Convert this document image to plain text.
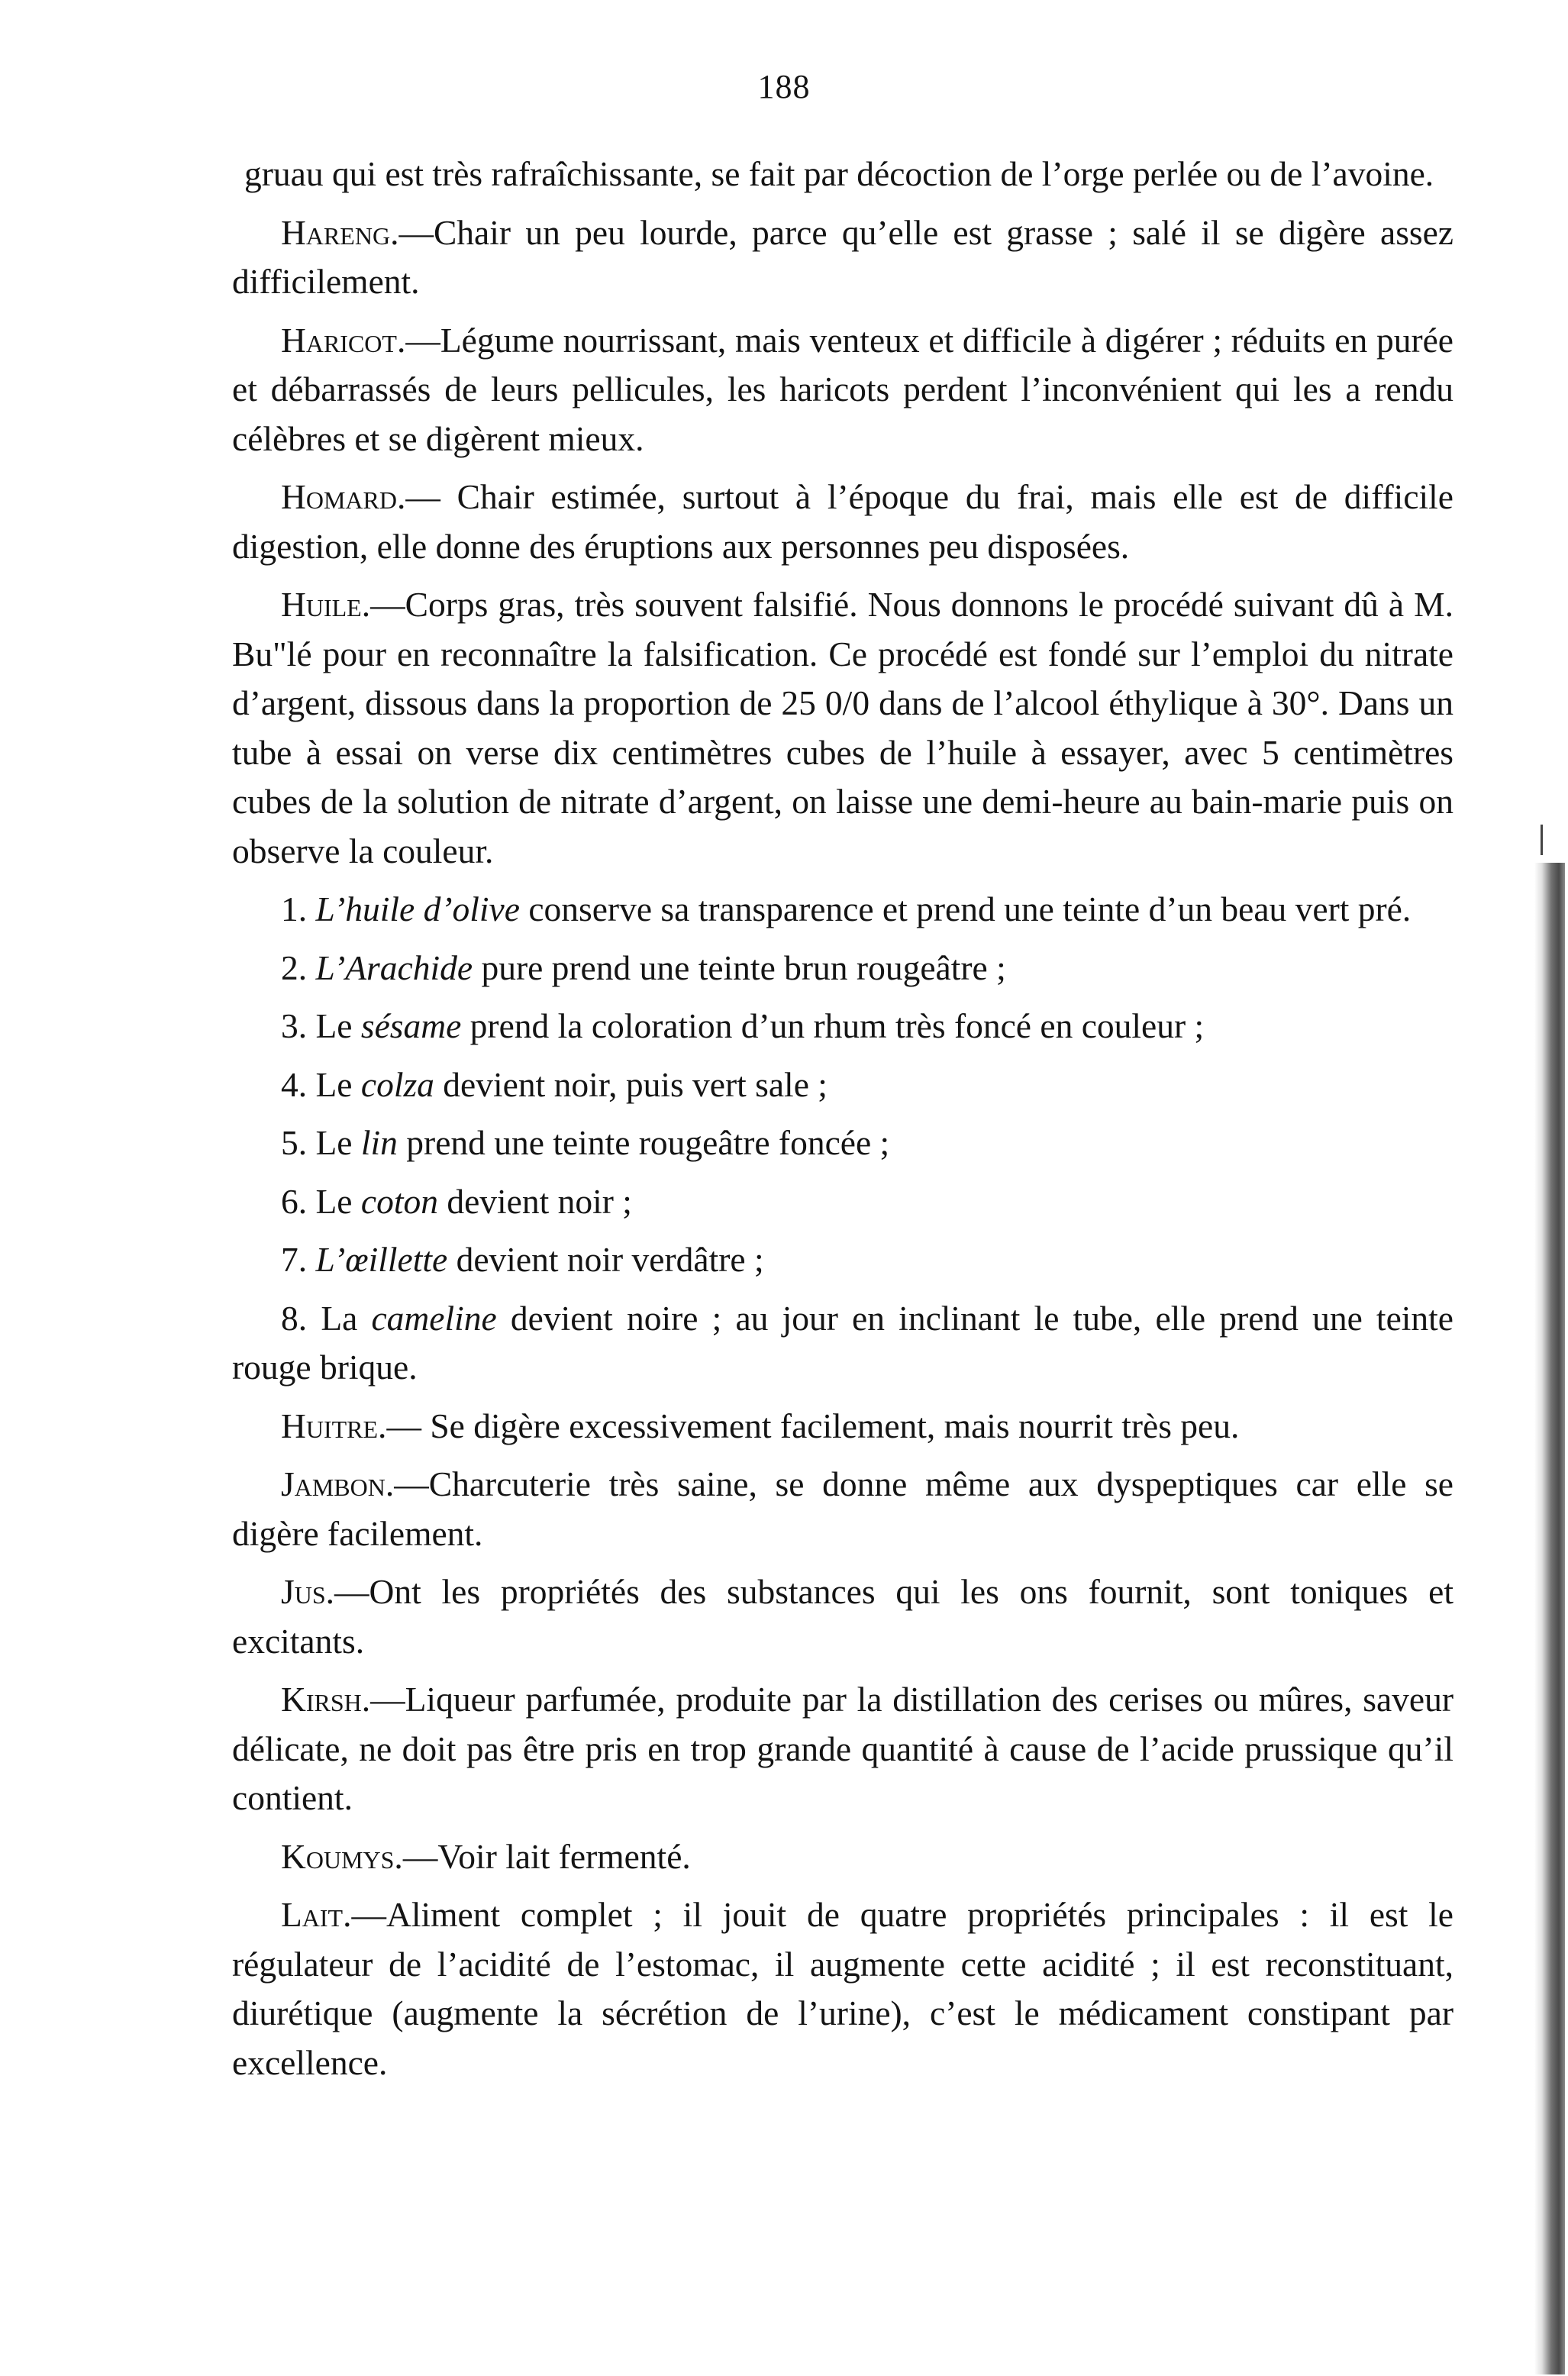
188

gruau qui est très rafraîchissante, se fait par décoction de l’orge perlée ou de l’avoine.

Hareng.—Chair un peu lourde, parce qu’elle est grasse ; salé il se digère assez difficilement.

Haricot.—Légume nourrissant, mais venteux et difficile à digérer ; réduits en purée et débarrassés de leurs pellicules, les haricots perdent l’inconvénient qui les a rendu célèbres et se digèrent mieux.

Homard.— Chair estimée, surtout à l’époque du frai, mais elle est de difficile digestion, elle donne des éruptions aux personnes peu disposées.

Huile.—Corps gras, très souvent falsifié. Nous donnons le procédé suivant dû à M. Bu"lé pour en reconnaître la falsification. Ce procédé est fondé sur l’emploi du nitrate d’argent, dissous dans la proportion de 25 0/0 dans de l’alcool éthylique à 30°. Dans un tube à essai on verse dix centimètres cubes de l’huile à essayer, avec 5 centimètres cubes de la solution de nitrate d’argent, on laisse une demi-heure au bain-marie puis on observe la couleur.

1. L’huile d’olive conserve sa transparence et prend une teinte d’un beau vert pré.

2. L’Arachide pure prend une teinte brun rougeâtre ;

3. Le sésame prend la coloration d’un rhum très foncé en couleur ;

4. Le colza devient noir, puis vert sale ;

5. Le lin prend une teinte rougeâtre foncée ;

6. Le coton devient noir ;

7. L’œillette devient noir verdâtre ;

8. La cameline devient noire ; au jour en inclinant le tube, elle prend une teinte rouge brique.

Huitre.— Se digère excessivement facilement, mais nourrit très peu.

Jambon.—Charcuterie très saine, se donne même aux dyspeptiques car elle se digère facilement.

Jus.—Ont les propriétés des substances qui les ons fournit, sont toniques et excitants.

Kirsh.—Liqueur parfumée, produite par la distillation des cerises ou mûres, saveur délicate, ne doit pas être pris en trop grande quantité à cause de l’acide prussique qu’il contient.

Koumys.—Voir lait fermenté.

Lait.—Aliment complet ; il jouit de quatre propriétés principales : il est le régulateur de l’acidité de l’estomac, il augmente cette acidité ; il est reconstituant, diurétique (augmente la sécrétion de l’urine), c’est le médicament constipant par excellence.
